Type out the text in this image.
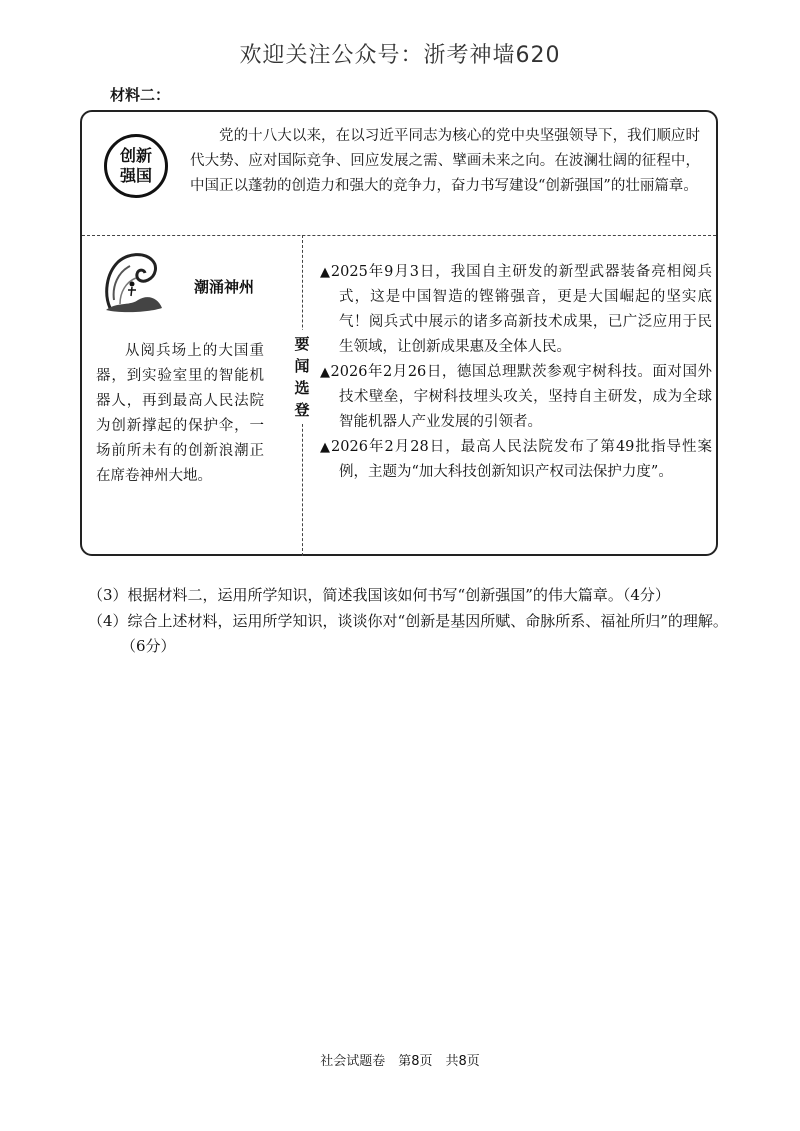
欢迎关注公众号：浙考神墙620
材料二：
创新强国

党的十八大以来，在以习近平同志为核心的党中央坚强领导下，我们顺应时代大势、应对国际竞争、回应发展之需、擘画未来之向。在波澜壮阔的征程中，中国正以蓬勃的创造力和强大的竞争力，奋力书写建设“创新强国”的壮丽篇章。

潮涌神州

从阅兵场上的大国重器，到实验室里的智能机器人，再到最高人民法院为创新撑起的保护伞，一场前所未有的创新浪潮正在席卷神州大地。

要闻选登

▲2025年9月3日，我国自主研发的新型武器装备亮相阅兵式，这是中国智造的铿锵强音，更是大国崛起的坚实底气！阅兵式中展示的诸多高新技术成果，已广泛应用于民生领域，让创新成果惠及全体人民。

▲2026年2月26日，德国总理默茨参观宇树科技。面对国外技术壁垒，宇树科技埋头攻关，坚持自主研发，成为全球智能机器人产业发展的引领者。

▲2026年2月28日，最高人民法院发布了第49批指导性案例，主题为“加大科技创新知识产权司法保护力度”。

（3）根据材料二，运用所学知识，简述我国该如何书写“创新强国”的伟大篇章。（4分）

（4）综合上述材料，运用所学知识，谈谈你对“创新是基因所赋、命脉所系、福祉所归”的理解。（6分）

社会试题卷　第8页　共8页
